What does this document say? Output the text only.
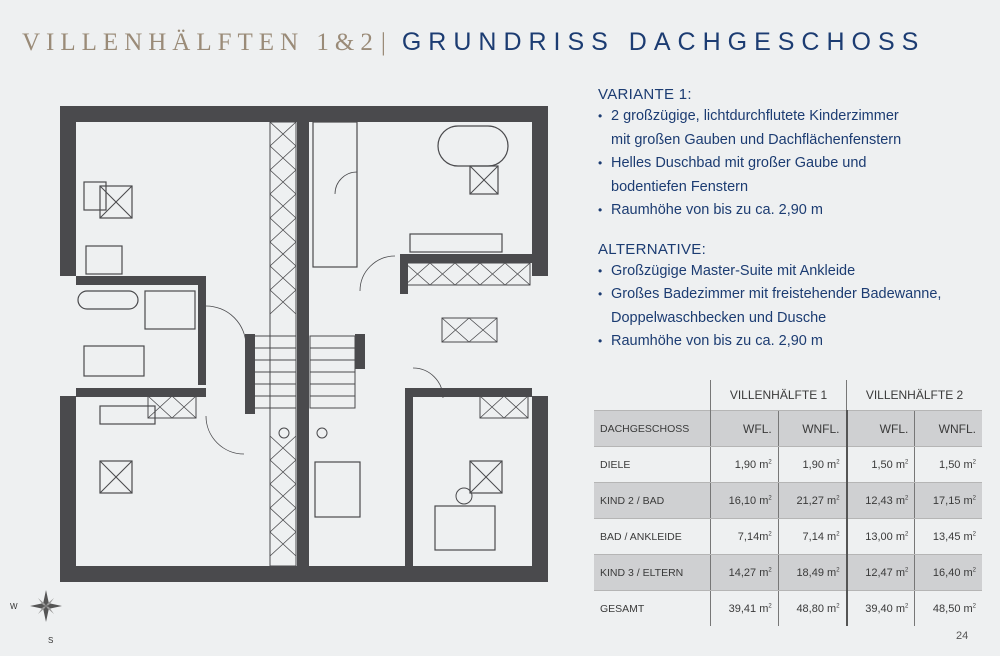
VILLENHÄLFTEN 1&2| GRUNDRISS DACHGESCHOSS
W
S
VARIANTE 1:
• 2 großzügige, lichtdurchflutete Kinderzimmer
mit großen Gauben und Dachflächenfenstern
• Helles Duschbad mit großer Gaube und
bodentiefen Fenstern
• Raumhöhe von bis zu ca. 2,90 m
ALTERNATIVE:
• Großzügige Master-Suite mit Ankleide
• Großes Badezimmer mit freistehender Badewanne,
Doppelwaschbecken und Dusche
• Raumhöhe von bis zu ca. 2,90 m
	VILLENHÄLFTE 1		VILLENHÄLFTE 2	
DACHGESCHOSS	WFL.	WNFL.	WFL.	WNFL.
DIELE	1,90 $m^2$	1,90 $m^2$	1,50 $m^2$	1,50 $m^2$
KIND 2 / BAD	16,10 $m^2$	21,27 $m^2$	12,43 $m^2$	17,15 $m^2$
BAD / ANKLEIDE	$7,14m^2$	7,14 $m^2$	13,00 $m^2$	13,45 $m^2$
KIND 3 / ELTERN	14,27 $m^2$	18,49 $m^2$	12,47 $m^2$	16,40 $m^2$
GESAMT	39,41 $m^2$	48,80 $m^2$	39,40 $m^2$	48,50 $m^2$
24
